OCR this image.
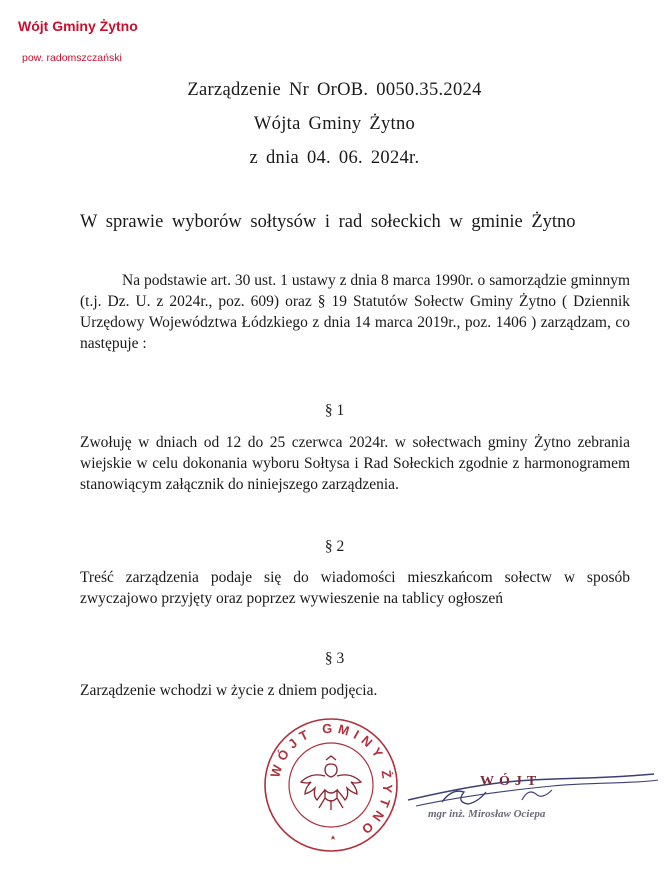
Wójt Gminy Żytno
pow. radomszczański
Zarządzenie Nr OrOB. 0050.35.2024
Wójta Gminy Żytno
z dnia 04. 06. 2024r.
W sprawie wyborów sołtysów i rad sołeckich w gminie Żytno
Na podstawie art. 30 ust. 1 ustawy z dnia 8 marca 1990r. o samorządzie gminnym (t.j. Dz. U. z 2024r., poz. 609) oraz § 19 Statutów Sołectw Gminy Żytno ( Dziennik Urzędowy Województwa Łódzkiego z dnia 14 marca 2019r., poz. 1406 ) zarządzam, co następuje :
§ 1
Zwołuję w dniach od 12 do 25 czerwca 2024r. w sołectwach gminy Żytno zebrania wiejskie w celu dokonania wyboru Sołtysa i Rad Sołeckich zgodnie z harmonogramem stanowiącym załącznik do niniejszego zarządzenia.
§ 2
Treść zarządzenia podaje się do wiadomości mieszkańcom sołectw w sposób zwyczajowo przyjęty oraz poprzez wywieszenie na tablicy ogłoszeń
§ 3
Zarządzenie wchodzi w życie z dniem podjęcia.
WÓJT GMINY ŻYTNO
WÓJT
mgr inż. Mirosław Ociepa
